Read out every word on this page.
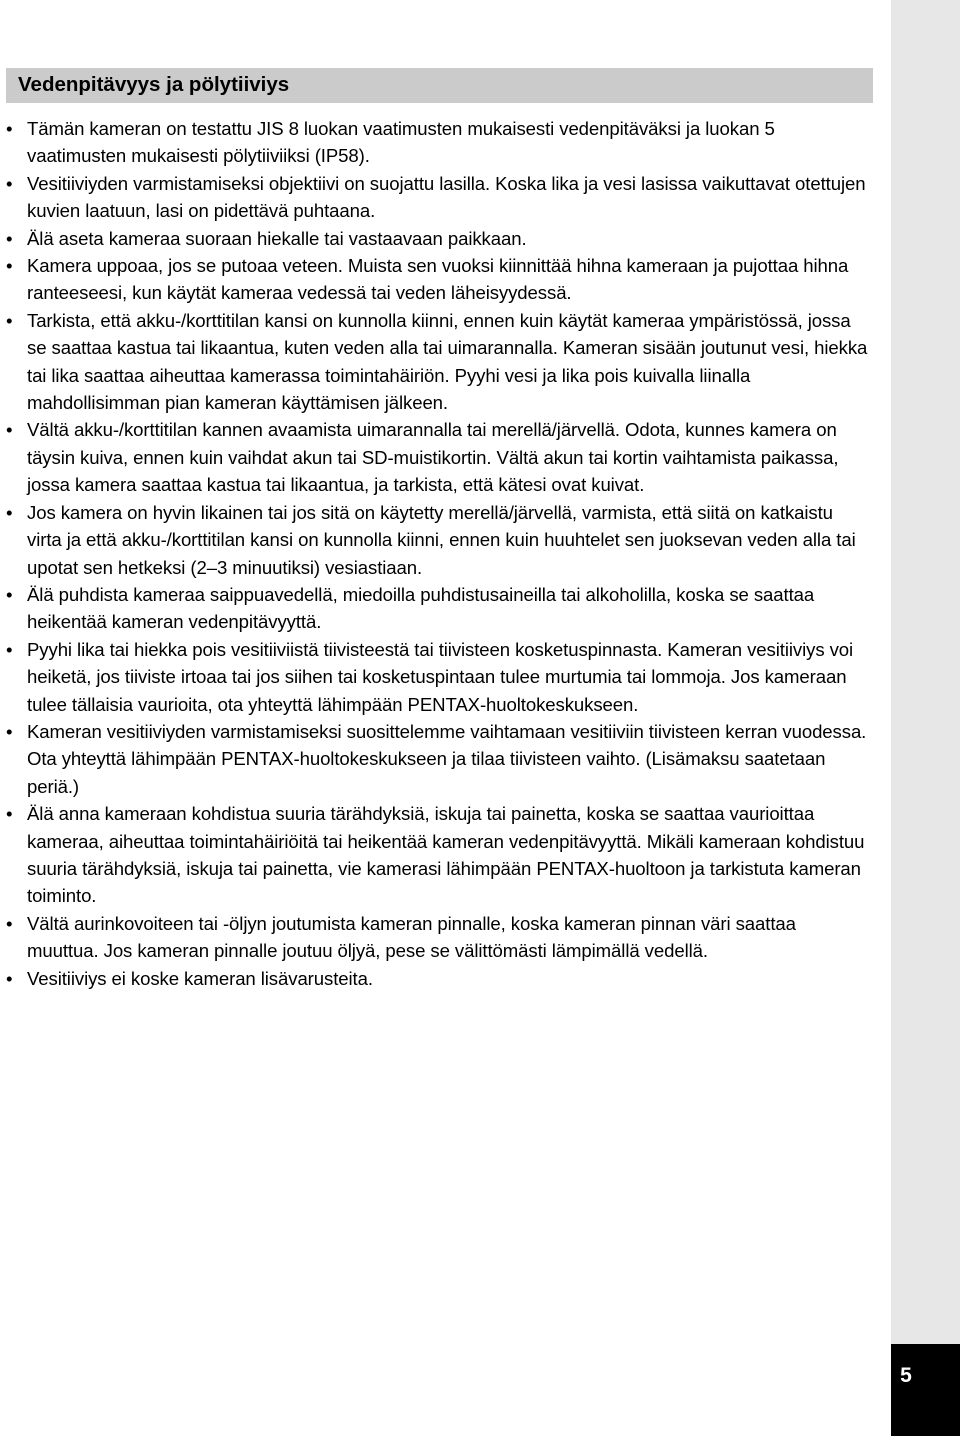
Vedenpitävyys ja pölytiiviys
• Tämän kameran on testattu JIS 8 luokan vaatimusten mukaisesti vedenpitäväksi ja luokan 5 vaatimusten mukaisesti pölytiiviiksi (IP58).
• Vesitiiviyden varmistamiseksi objektiivi on suojattu lasilla. Koska lika ja vesi lasissa vaikuttavat otettujen kuvien laatuun, lasi on pidettävä puhtaana.
• Älä aseta kameraa suoraan hiekalle tai vastaavaan paikkaan.
• Kamera uppoaa, jos se putoaa veteen. Muista sen vuoksi kiinnittää hihna kameraan ja pujottaa hihna ranteeseesi, kun käytät kameraa vedessä tai veden läheisyydessä.
• Tarkista, että akku-/korttitilan kansi on kunnolla kiinni, ennen kuin käytät kameraa ympäristössä, jossa se saattaa kastua tai likaantua, kuten veden alla tai uimarannalla. Kameran sisään joutunut vesi, hiekka tai lika saattaa aiheuttaa kamerassa toimintahäiriön. Pyyhi vesi ja lika pois kuivalla liinalla mahdollisimman pian kameran käyttämisen jälkeen.
• Vältä akku-/korttitilan kannen avaamista uimarannalla tai merellä/järvellä. Odota, kunnes kamera on täysin kuiva, ennen kuin vaihdat akun tai SD-muistikortin. Vältä akun tai kortin vaihtamista paikassa, jossa kamera saattaa kastua tai likaantua, ja tarkista, että kätesi ovat kuivat.
• Jos kamera on hyvin likainen tai jos sitä on käytetty merellä/järvellä, varmista, että siitä on katkaistu virta ja että akku-/korttitilan kansi on kunnolla kiinni, ennen kuin huuhtelet sen juoksevan veden alla tai upotat sen hetkeksi (2–3 minuutiksi) vesiastiaan.
• Älä puhdista kameraa saippuavedellä, miedoilla puhdistusaineilla tai alkoholilla, koska se saattaa heikentää kameran vedenpitävyyttä.
• Pyyhi lika tai hiekka pois vesitiiviistä tiivisteestä tai tiivisteen kosketuspinnasta. Kameran vesitiiviys voi heiketä, jos tiiviste irtoaa tai jos siihen tai kosketuspintaan tulee murtumia tai lommoja. Jos kameraan tulee tällaisia vaurioita, ota yhteyttä lähimpään PENTAX-huoltokeskukseen.
• Kameran vesitiiviyden varmistamiseksi suosittelemme vaihtamaan vesitiiviin tiivisteen kerran vuodessa. Ota yhteyttä lähimpään PENTAX-huoltokeskukseen ja tilaa tiivisteen vaihto. (Lisämaksu saatetaan periä.)
• Älä anna kameraan kohdistua suuria tärähdyksiä, iskuja tai painetta, koska se saattaa vaurioittaa kameraa, aiheuttaa toimintahäiriöitä tai heikentää kameran vedenpitävyyttä. Mikäli kameraan kohdistuu suuria tärähdyksiä, iskuja tai painetta, vie kamerasi lähimpään PENTAX-huoltoon ja tarkistuta kameran toiminto.
• Vältä aurinkovoiteen tai -öljyn joutumista kameran pinnalle, koska kameran pinnan väri saattaa muuttua. Jos kameran pinnalle joutuu öljyä, pese se välittömästi lämpimällä vedellä.
• Vesitiiviys ei koske kameran lisävarusteita.
5
